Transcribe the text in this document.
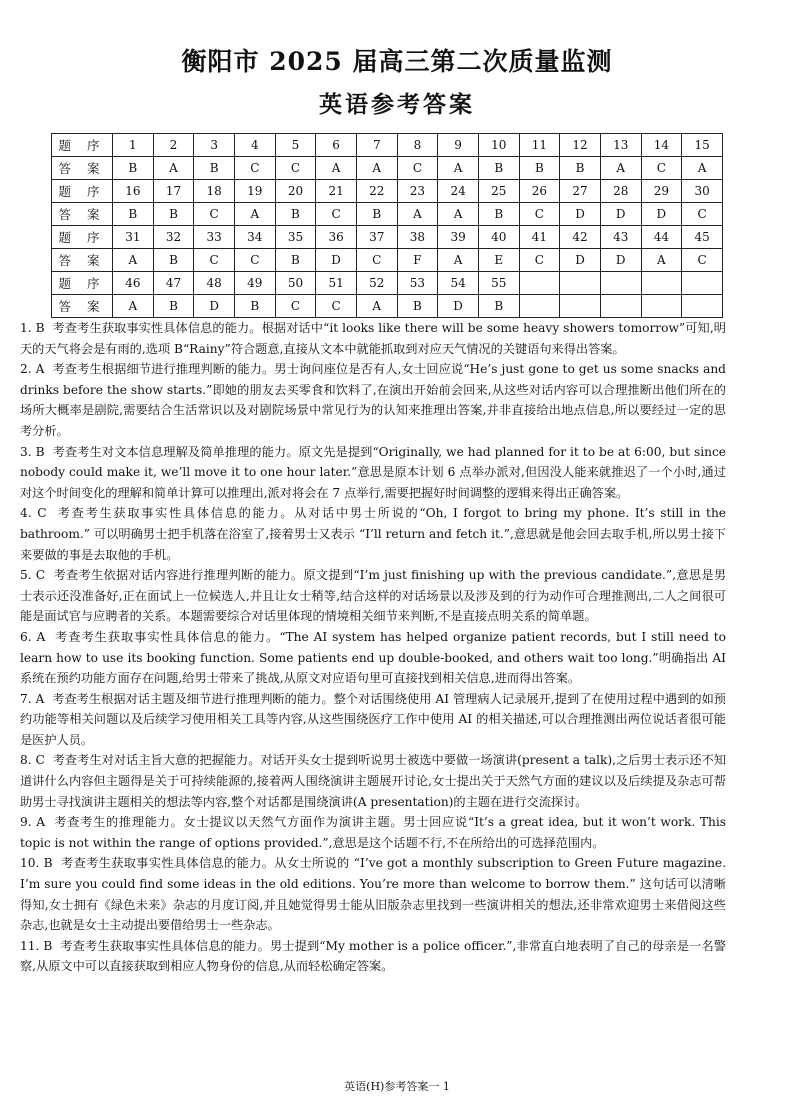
衡阳市 2025 届高三第二次质量监测
英语参考答案
题 序	1	2	3	4	5	6	7	8	9	10	11	12	13	14	15
答 案	B	A	B	C	C	A	A	C	A	B	B	B	A	C	A
题 序	16	17	18	19	20	21	22	23	24	25	26	27	28	29	30
答 案	B	B	C	A	B	C	B	A	A	B	C	D	D	D	C
题 序	31	32	33	34	35	36	37	38	39	40	41	42	43	44	45
答 案	A	B	C	C	B	D	C	F	A	E	C	D	D	A	C
题 序	46	47	48	49	50	51	52	53	54	55					
答 案	A	B	D	B	C	C	A	B	D	B					

1. B 考查考生获取事实性具体信息的能力。根据对话中“it looks like there will be some heavy showers tomorrow”可知,明天的天气将会是有雨的,选项 B“Rainy”符合题意,直接从文本中就能抓取到对应天气情况的关键语句来得出答案。

2. A 考查考生根据细节进行推理判断的能力。男士询问座位是否有人,女士回应说“He’s just gone to get us some snacks and drinks before the show starts.”即她的朋友去买零食和饮料了,在演出开始前会回来,从这些对话内容可以合理推断出他们所在的场所大概率是剧院,需要结合生活常识以及对剧院场景中常见行为的认知来推理出答案,并非直接给出地点信息,所以要经过一定的思考分析。

3. B 考查考生对文本信息理解及简单推理的能力。原文先是提到“Originally, we had planned for it to be at 6:00, but since nobody could make it, we’ll move it to one hour later.”意思是原本计划 6 点举办派对,但因没人能来就推迟了一个小时,通过对这个时间变化的理解和简单计算可以推理出,派对将会在 7 点举行,需要把握好时间调整的逻辑来得出正确答案。

4. C 考查考生获取事实性具体信息的能力。从对话中男士所说的“Oh, I forgot to bring my phone. It’s still in the bathroom.” 可以明确男士把手机落在浴室了,接着男士又表示 “I’ll return and fetch it.”,意思就是他会回去取手机,所以男士接下来要做的事是去取他的手机。

5. C 考查考生依据对话内容进行推理判断的能力。原文提到“I’m just finishing up with the previous candidate.”,意思是男士表示还没准备好,正在面试上一位候选人,并且让女士稍等,结合这样的对话场景以及涉及到的行为动作可合理推测出,二人之间很可能是面试官与应聘者的关系。本题需要综合对话里体现的情境相关细节来判断,不是直接点明关系的简单题。

6. A 考查考生获取事实性具体信息的能力。“The AI system has helped organize patient records, but I still need to learn how to use its booking function. Some patients end up double-booked, and others wait too long.”明确指出 AI 系统在预约功能方面存在问题,给男士带来了挑战,从原文对应语句里可直接找到相关信息,进而得出答案。

7. A 考查考生根据对话主题及细节进行推理判断的能力。整个对话围绕使用 AI 管理病人记录展开,提到了在使用过程中遇到的如预约功能等相关问题以及后续学习使用相关工具等内容,从这些围绕医疗工作中使用 AI 的相关描述,可以合理推测出两位说话者很可能是医护人员。

8. C 考查考生对对话主旨大意的把握能力。对话开头女士提到听说男士被选中要做一场演讲(present a talk),之后男士表示还不知道讲什么内容但主题得是关于可持续能源的,接着两人围绕演讲主题展开讨论,女士提出关于天然气方面的建议以及后续提及杂志可帮助男士寻找演讲主题相关的想法等内容,整个对话都是围绕演讲(A presentation)的主题在进行交流探讨。

9. A 考查考生的推理能力。女士提议以天然气方面作为演讲主题。男士回应说“It’s a great idea, but it won’t work. This topic is not within the range of options provided.”,意思是这个话题不行,不在所给出的可选择范围内。

10. B 考查考生获取事实性具体信息的能力。从女士所说的 “I’ve got a monthly subscription to Green Future magazine. I’m sure you could find some ideas in the old editions. You’re more than welcome to borrow them.” 这句话可以清晰得知,女士拥有《绿色未来》杂志的月度订阅,并且她觉得男士能从旧版杂志里找到一些演讲相关的想法,还非常欢迎男士来借阅这些杂志,也就是女士主动提出要借给男士一些杂志。

11. B 考查考生获取事实性具体信息的能力。男士提到“My mother is a police officer.”,非常直白地表明了自己的母亲是一名警察,从原文中可以直接获取到相应人物身份的信息,从而轻松确定答案。

英语(H)参考答案一 1
